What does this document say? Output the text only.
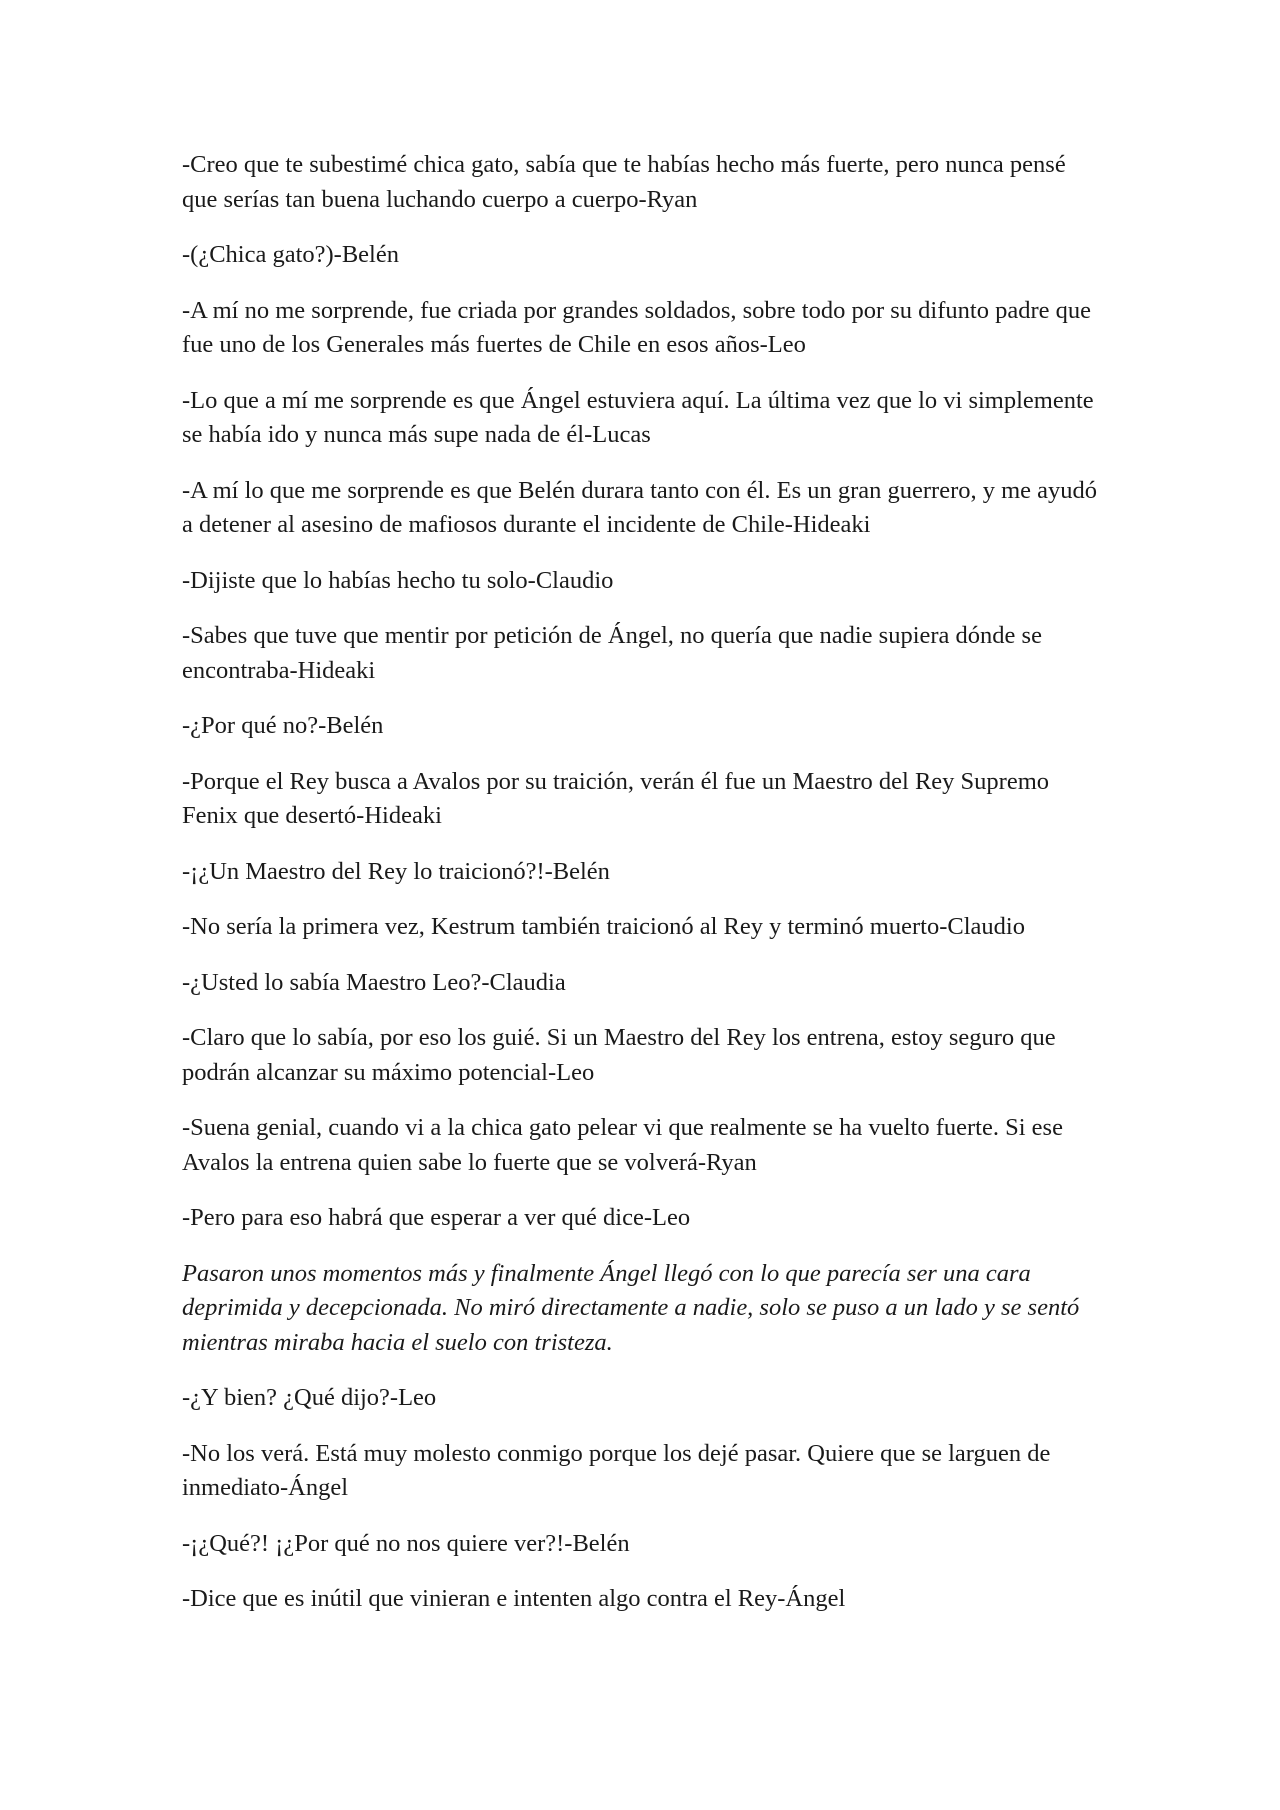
-Creo que te subestimé chica gato, sabía que te habías hecho más fuerte, pero nunca pensé que serías tan buena luchando cuerpo a cuerpo-Ryan

-(¿Chica gato?)-Belén

-A mí no me sorprende, fue criada por grandes soldados, sobre todo por su difunto padre que fue uno de los Generales más fuertes de Chile en esos años-Leo

-Lo que a mí me sorprende es que Ángel estuviera aquí. La última vez que lo vi simplemente se había ido y nunca más supe nada de él-Lucas

-A mí lo que me sorprende es que Belén durara tanto con él. Es un gran guerrero, y me ayudó a detener al asesino de mafiosos durante el incidente de Chile-Hideaki

-Dijiste que lo habías hecho tu solo-Claudio

-Sabes que tuve que mentir por petición de Ángel, no quería que nadie supiera dónde se encontraba-Hideaki

-¿Por qué no?-Belén

-Porque el Rey busca a Avalos por su traición, verán él fue un Maestro del Rey Supremo Fenix que desertó-Hideaki

-¡¿Un Maestro del Rey lo traicionó?!-Belén

-No sería la primera vez, Kestrum también traicionó al Rey y terminó muerto-Claudio

-¿Usted lo sabía Maestro Leo?-Claudia

-Claro que lo sabía, por eso los guié. Si un Maestro del Rey los entrena, estoy seguro que podrán alcanzar su máximo potencial-Leo

-Suena genial, cuando vi a la chica gato pelear vi que realmente se ha vuelto fuerte. Si ese Avalos la entrena quien sabe lo fuerte que se volverá-Ryan

-Pero para eso habrá que esperar a ver qué dice-Leo

Pasaron unos momentos más y finalmente Ángel llegó con lo que parecía ser una cara deprimida y decepcionada. No miró directamente a nadie, solo se puso a un lado y se sentó mientras miraba hacia el suelo con tristeza.

-¿Y bien? ¿Qué dijo?-Leo

-No los verá. Está muy molesto conmigo porque los dejé pasar. Quiere que se larguen de inmediato-Ángel

-¡¿Qué?! ¡¿Por qué no nos quiere ver?!-Belén

-Dice que es inútil que vinieran e intenten algo contra el Rey-Ángel
